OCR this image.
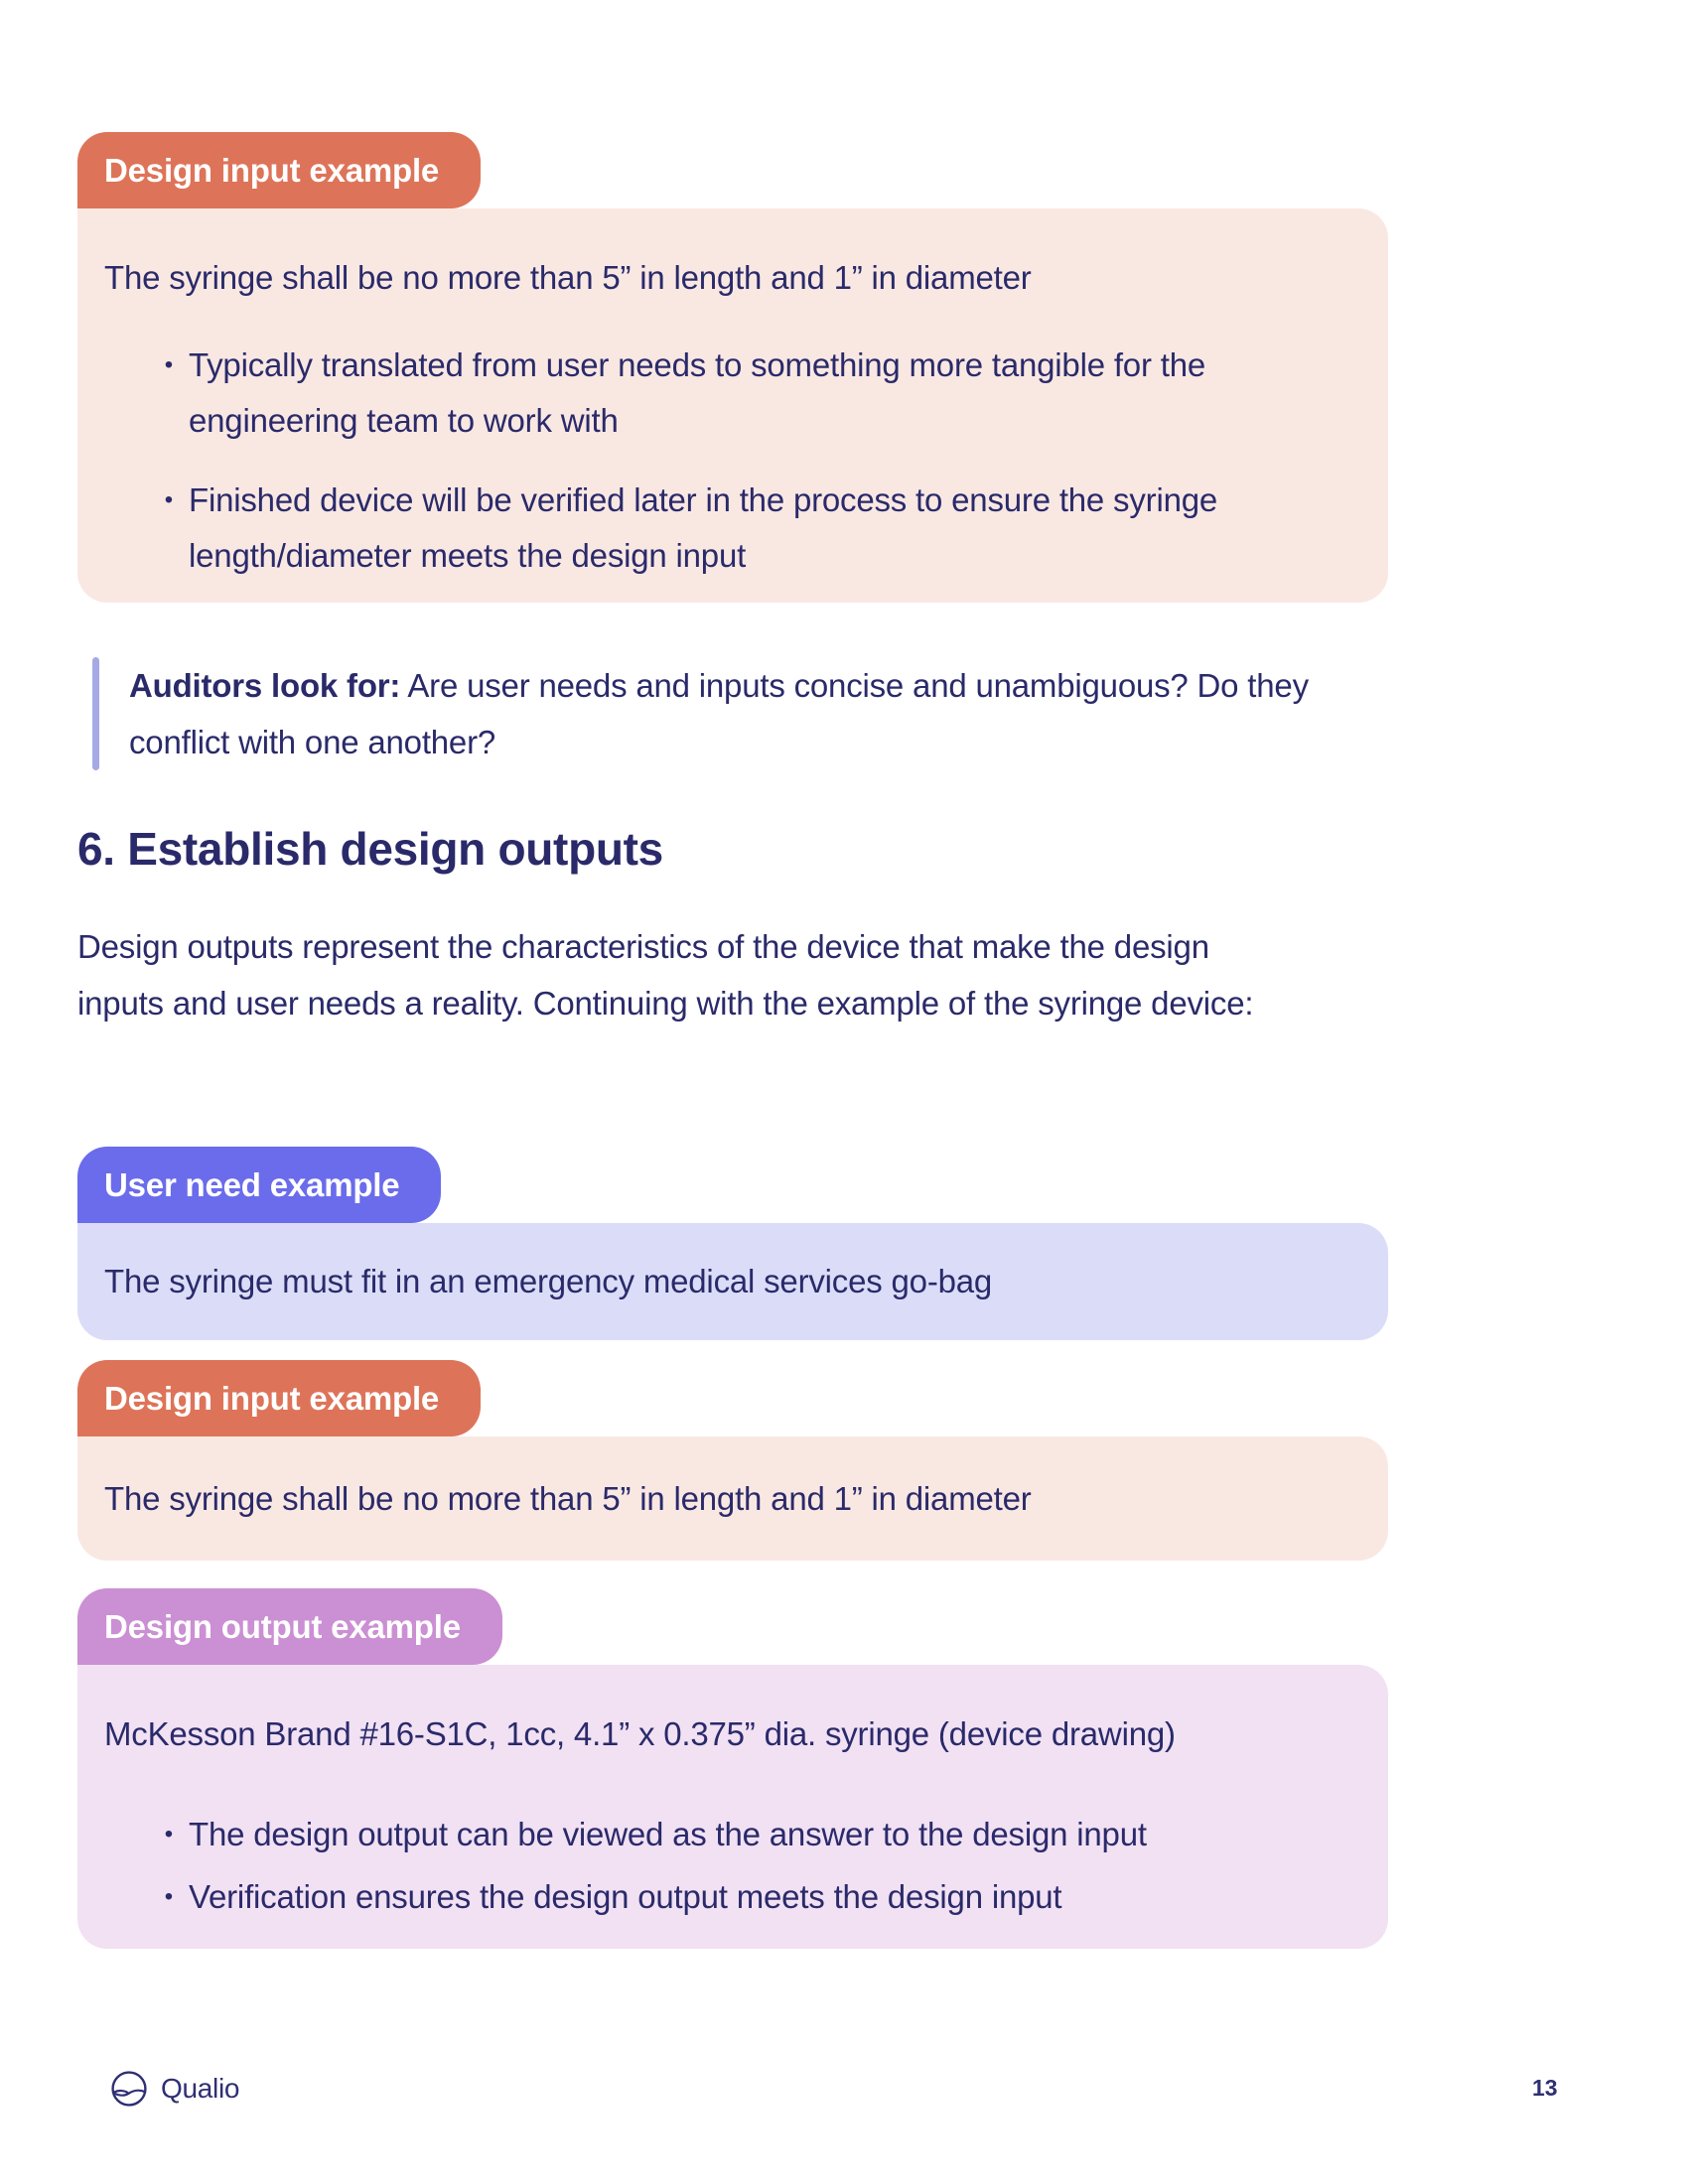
Design input example
The syringe shall be no more than 5” in length and 1” in diameter
• Typically translated from user needs to something more tangible for the engineering team to work with
• Finished device will be verified later in the process to ensure the syringe length/diameter meets the design input
Auditors look for: Are user needs and inputs concise and unambiguous? Do they conflict with one another?
6. Establish design outputs
Design outputs represent the characteristics of the device that make the design inputs and user needs a reality. Continuing with the example of the syringe device:
User need example
The syringe must fit in an emergency medical services go-bag
Design input example
The syringe shall be no more than 5” in length and 1” in diameter
Design output example
McKesson Brand #16-S1C, 1cc, 4.1” x 0.375” dia. syringe (device drawing)
• The design output can be viewed as the answer to the design input
• Verification ensures the design output meets the design input
Qualio	13
